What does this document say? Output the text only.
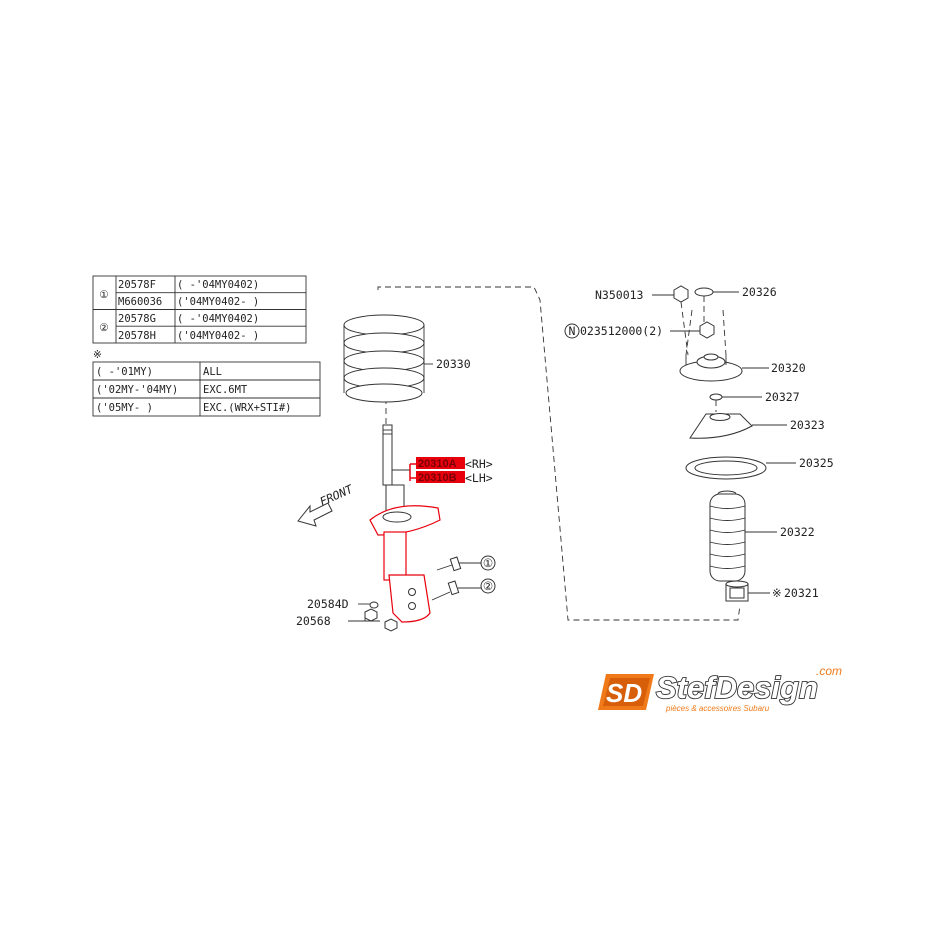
①
②
20578F
M660036
20578G
20578H
( -'04MY0402)
('04MY0402- )
( -'04MY0402)
('04MY0402- )
※
( -'01MY)
('02MY-'04MY)
('05MY- )
ALL
EXC.6MT
EXC.(WRX+STI#)
20330
20310A
20310B
<RH>
<LH>
FRONT
①
②
20584D
20568
N350013	20326
N 023512000(2)
20320
20327
20323
20325
20322
※ 20321
SD StefDesign
.com
pièces & accessoires Subaru
